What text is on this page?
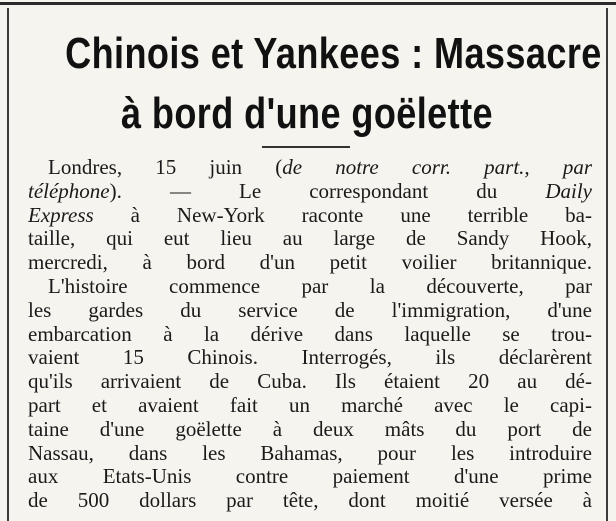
Chinois et Yankees : Massacre
à bord d'une goëlette
Londres, 15 juin (de notre corr. part., par
téléphone). — Le correspondant du Daily
Express à New-York raconte une terrible ba-
taille, qui eut lieu au large de Sandy Hook,
mercredi, à bord d'un petit voilier britannique.
L'histoire commence par la découverte, par
les gardes du service de l'immigration, d'une
embarcation à la dérive dans laquelle se trou-
vaient 15 Chinois. Interrogés, ils déclarèrent
qu'ils arrivaient de Cuba. Ils étaient 20 au dé-
part et avaient fait un marché avec le capi-
taine d'une goëlette à deux mâts du port de
Nassau, dans les Bahamas, pour les introduire
aux Etats-Unis contre paiement d'une prime
de 500 dollars par tête, dont moitié versée à
